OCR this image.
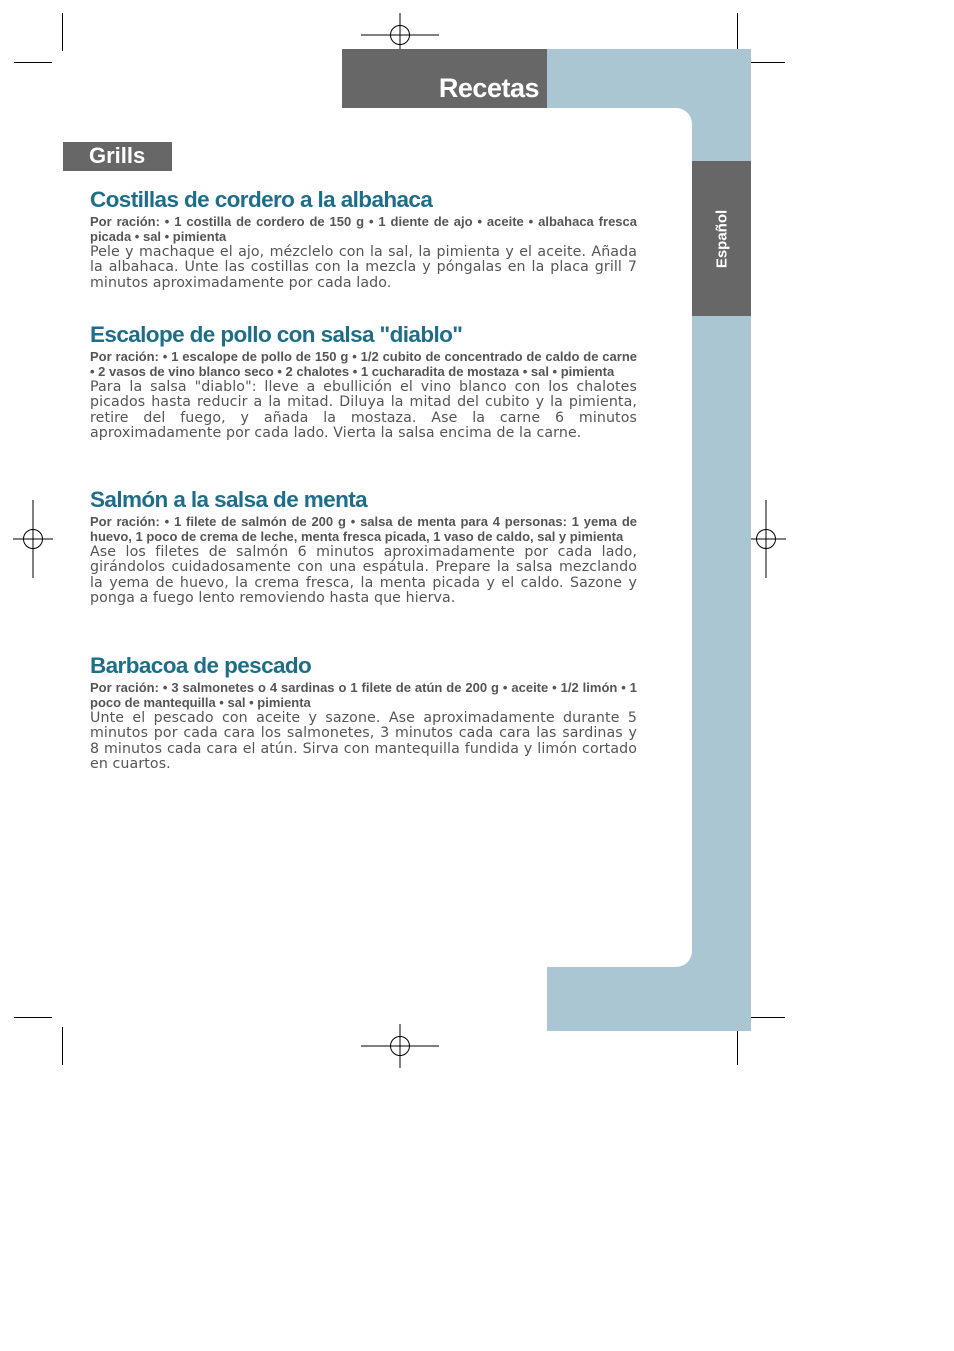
Recetas
Español
Grills
Costillas de cordero a la albahaca

Por ración: • 1 costilla de cordero de 150 g • 1 diente de ajo • aceite • albahaca fresca picada • sal • pimienta

Pele y machaque el ajo, mézclelo con la sal, la pimienta y el aceite. Añada la albahaca. Unte las costillas con la mezcla y póngalas en la placa grill 7 minutos aproximadamente por cada lado.

Escalope de pollo con salsa "diablo"

Por ración: • 1 escalope de pollo de 150 g • 1/2 cubito de concentrado de caldo de carne • 2 vasos de vino blanco seco • 2 chalotes • 1 cucharadita de mostaza • sal • pimienta

Para la salsa "diablo": lleve a ebullición el vino blanco con los chalotes picados hasta reducir a la mitad. Diluya la mitad del cubito y la pimienta, retire del fuego, y añada la mostaza. Ase la carne 6 minutos aproximadamente por cada lado. Vierta la salsa encima de la carne.

Salmón a la salsa de menta

Por ración: • 1 filete de salmón de 200 g • salsa de menta para 4 personas: 1 yema de huevo, 1 poco de crema de leche, menta fresca picada, 1 vaso de caldo, sal y pimienta

Ase los filetes de salmón 6 minutos aproximadamente por cada lado, girándolos cuidadosamente con una espátula. Prepare la salsa mezclando la yema de huevo, la crema fresca, la menta picada y el caldo. Sazone y ponga a fuego lento removiendo hasta que hierva.

Barbacoa de pescado

Por ración: • 3 salmonetes o 4 sardinas o 1 filete de atún de 200 g • aceite • 1/2 limón • 1 poco de mantequilla • sal • pimienta

Unte el pescado con aceite y sazone. Ase aproximadamente durante 5 minutos por cada cara los salmonetes, 3 minutos cada cara las sardinas y 8 minutos cada cara el atún. Sirva con mantequilla fundida y limón cortado en cuartos.
